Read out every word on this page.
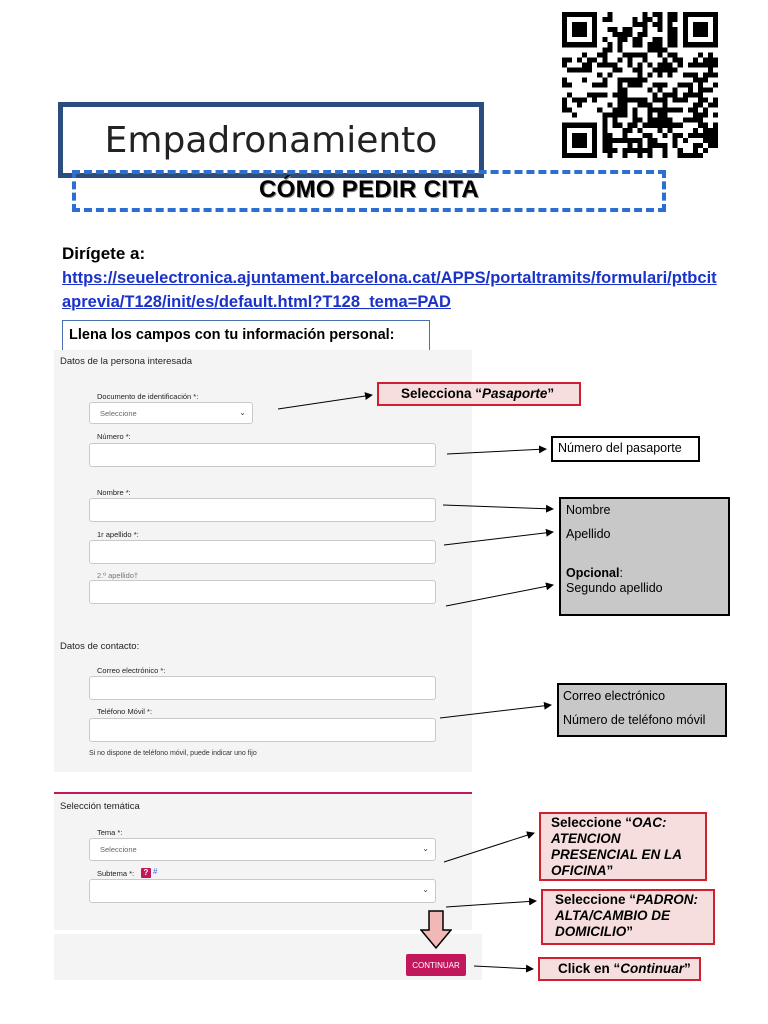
Empadronamiento
CÓMO PEDIR CITA
Dirígete a:
https://seuelectronica.ajuntament.barcelona.cat/APPS/portaltramits/formulari/ptbcitaprevia/T128/init/es/default.html?T128_tema=PAD
Llena los campos con tu información personal:
Datos de la persona interesada
Documento de identificación *:
Seleccione	⌄
Número *:
Nombre *:
1r apellido *:
2.º apellido†
Datos de contacto:
Correo electrónico *:
Teléfono Móvil *:
Si no dispone de teléfono móvil, puede indicar uno fijo
Selección temática
Tema *:
Seleccione	⌄
Subtema *:	? #
⌄
CONTINUAR
Selecciona “Pasaporte”
Número del pasaporte
Nombre
Apellido
Opcional:
Segundo apellido
Correo electrónico
Número de teléfono móvil
Seleccione “OAC: ATENCION PRESENCIAL EN LA OFICINA”
Seleccione “PADRON: ALTA/CAMBIO DE DOMICILIO”
Click en “Continuar”
